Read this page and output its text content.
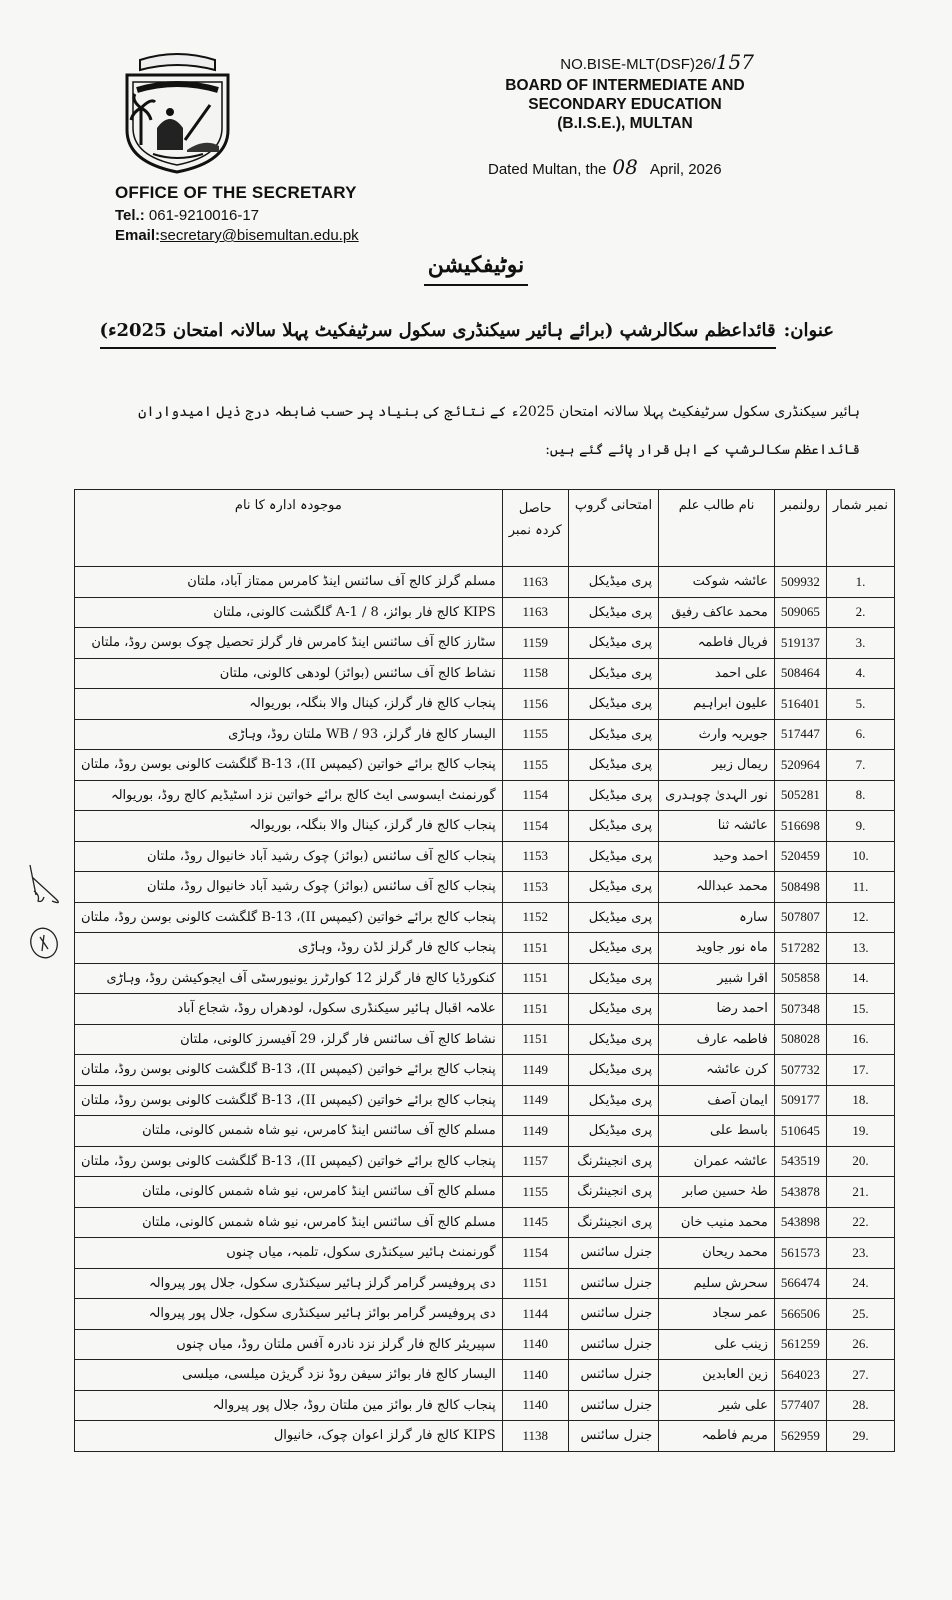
NO.BISE-MLT(DSF)26/157
BOARD OF INTERMEDIATE AND
SECONDARY EDUCATION
(B.I.S.E.), MULTAN
Dated Multan, the 08 April, 2026
OFFICE OF THE SECRETARY
Tel.: 061-9210016-17
Email:secretary@bisemultan.edu.pk
نوٹیفکیشن
عنوان:قائداعظم سکالرشپ (برائے ہائیر سیکنڈری سکول سرٹیفکیٹ پہلا سالانہ امتحان 2025ء)
ہائیر سیکنڈری سکول سرٹیفکیٹ پہلا سالانہ امتحان 2025ء کے نتائج کی بنیاد پر حسب ضابطہ درج ذیل امیدواران قائداعظم سکالرشپ کے اہل قرار پائے گئے ہیں:
نمبر شمار	رولنمبر	نام طالب علم	امتحانی گروپ	حاصل
کردہ نمبر	موجودہ ادارہ کا نام
1.	509932	عائشہ شوکت	پری میڈیکل	1163	مسلم گرلز کالج آف سائنس اینڈ کامرس ممتاز آباد، ملتان
2.	509065	محمد عاکف رفیق	پری میڈیکل	1163	KIPS کالج فار بوائز، A-1 / 8 گلگشت کالونی، ملتان
3.	519137	فریال فاطمہ	پری میڈیکل	1159	سٹارز کالج آف سائنس اینڈ کامرس فار گرلز تحصیل چوک بوسن روڈ، ملتان
4.	508464	علی احمد	پری میڈیکل	1158	نشاط کالج آف سائنس (بوائز) لودھی کالونی، ملتان
5.	516401	علیون ابراہیم	پری میڈیکل	1156	پنجاب کالج فار گرلز، کینال والا بنگلہ، بوریوالہ
6.	517447	جویریہ وارث	پری میڈیکل	1155	الیسار کالج فار گرلز، WB / 93 ملتان روڈ، وہاڑی
7.	520964	ریمال زبیر	پری میڈیکل	1155	پنجاب کالج برائے خواتین (کیمپس II)، B-13 گلگشت کالونی بوسن روڈ، ملتان
8.	505281	نور الہدیٰ چوہدری	پری میڈیکل	1154	گورنمنٹ ایسوسی ایٹ کالج برائے خواتین نزد اسٹیڈیم کالج روڈ، بوریوالہ
9.	516698	عائشہ ثنا	پری میڈیکل	1154	پنجاب کالج فار گرلز، کینال والا بنگلہ، بوریوالہ
10.	520459	احمد وحید	پری میڈیکل	1153	پنجاب کالج آف سائنس (بوائز) چوک رشید آباد خانیوال روڈ، ملتان
11.	508498	محمد عبداللہ	پری میڈیکل	1153	پنجاب کالج آف سائنس (بوائز) چوک رشید آباد خانیوال روڈ، ملتان
12.	507807	سارہ	پری میڈیکل	1152	پنجاب کالج برائے خواتین (کیمپس II)، B-13 گلگشت کالونی بوسن روڈ، ملتان
13.	517282	ماہ نور جاوید	پری میڈیکل	1151	پنجاب کالج فار گرلز لڈن روڈ، وہاڑی
14.	505858	اقرا شبیر	پری میڈیکل	1151	کنکورڈیا کالج فار گرلز 12 کوارٹرز یونیورسٹی آف ایجوکیشن روڈ، وہاڑی
15.	507348	احمد رضا	پری میڈیکل	1151	علامہ اقبال ہائیر سیکنڈری سکول، لودھراں روڈ، شجاع آباد
16.	508028	فاطمہ عارف	پری میڈیکل	1151	نشاط کالج آف سائنس فار گرلز، 29 آفیسرز کالونی، ملتان
17.	507732	کرن عائشہ	پری میڈیکل	1149	پنجاب کالج برائے خواتین (کیمپس II)، B-13 گلگشت کالونی بوسن روڈ، ملتان
18.	509177	ایمان آصف	پری میڈیکل	1149	پنجاب کالج برائے خواتین (کیمپس II)، B-13 گلگشت کالونی بوسن روڈ، ملتان
19.	510645	باسط علی	پری میڈیکل	1149	مسلم کالج آف سائنس اینڈ کامرس، نیو شاہ شمس کالونی، ملتان
20.	543519	عائشہ عمران	پری انجینئرنگ	1157	پنجاب کالج برائے خواتین (کیمپس II)، B-13 گلگشت کالونی بوسن روڈ، ملتان
21.	543878	طہٰ حسین صابر	پری انجینئرنگ	1155	مسلم کالج آف سائنس اینڈ کامرس، نیو شاہ شمس کالونی، ملتان
22.	543898	محمد منیب خان	پری انجینئرنگ	1145	مسلم کالج آف سائنس اینڈ کامرس، نیو شاہ شمس کالونی، ملتان
23.	561573	محمد ریحان	جنرل سائنس	1154	گورنمنٹ ہائیر سیکنڈری سکول، تلمبہ، میاں چنوں
24.	566474	سحرش سلیم	جنرل سائنس	1151	دی پروفیسر گرامر گرلز ہائیر سیکنڈری سکول، جلال پور پیروالہ
25.	566506	عمر سجاد	جنرل سائنس	1144	دی پروفیسر گرامر بوائز ہائیر سیکنڈری سکول، جلال پور پیروالہ
26.	561259	زینب علی	جنرل سائنس	1140	سپیریئر کالج فار گرلز نزد نادرہ آفس ملتان روڈ، میاں چنوں
27.	564023	زین العابدین	جنرل سائنس	1140	الیسار کالج فار بوائز سیفن روڈ نزد گریژن میلسی، میلسی
28.	577407	علی شیر	جنرل سائنس	1140	پنجاب کالج فار بوائز مین ملتان روڈ، جلال پور پیروالہ
29.	562959	مریم فاطمہ	جنرل سائنس	1138	KIPS کالج فار گرلز اعوان چوک، خانیوال
